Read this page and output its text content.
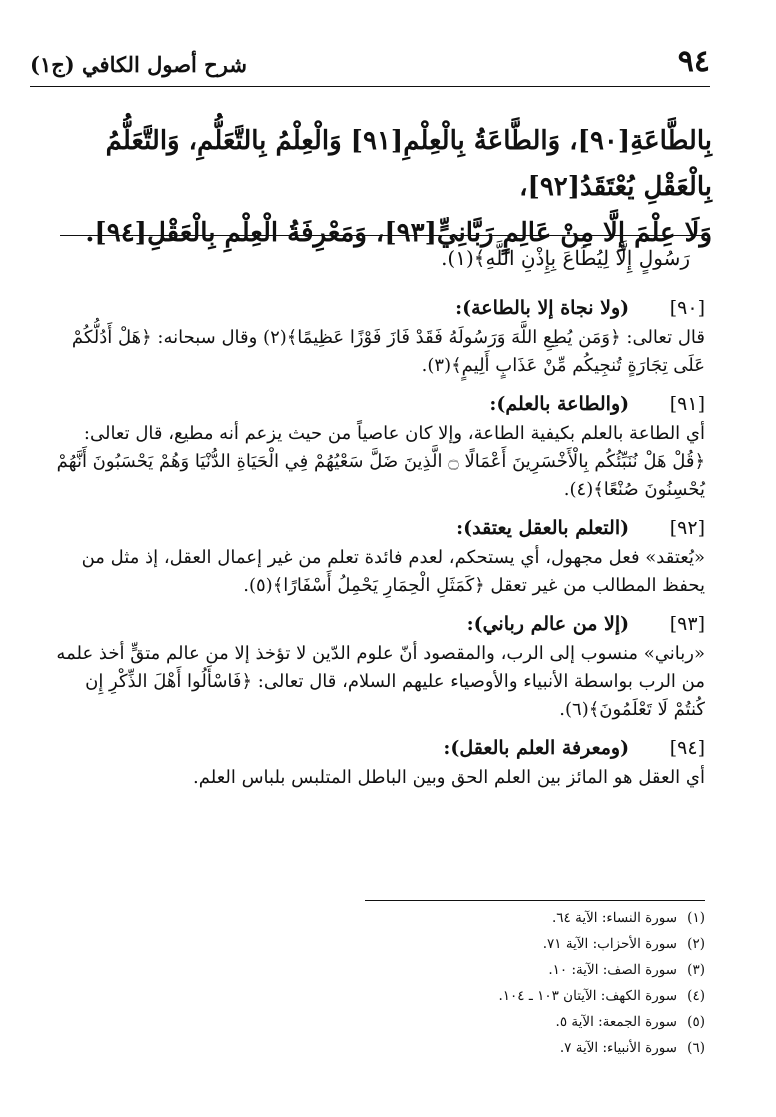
٩٤
شرح أصول الكافي (ج١)
بِالطَّاعَةِ[٩٠]، وَالطَّاعَةُ بِالْعِلْمِ[٩١] وَالْعِلْمُ بِالتَّعَلُّمِ، وَالتَّعَلُّمُ بِالْعَقْلِ يُعْتَقَدُ[٩٢]،
وَلَا عِلْمَ إِلَّا مِنْ عَالِمٍ رَبَّانِيٍّ[٩٣]، وَمَعْرِفَةُ الْعِلْمِ بِالْعَقْلِ[٩٤].
رَسُولٍ إِلَّا لِيُطَاعَ بِإِذْنِ اللَّهِ﴾(١).
[٩٠] (ولا نجاة إلا بالطاعة):
قال تعالى: ﴿وَمَن يُطِعِ اللَّهَ وَرَسُولَهُ فَقَدْ فَازَ فَوْزًا عَظِيمًا﴾(٢) وقال سبحانه: ﴿هَلْ أَدُلُّكُمْ عَلَى تِجَارَةٍ تُنجِيكُم مِّنْ عَذَابٍ أَلِيمٍ﴾(٣).
[٩١] (والطاعة بالعلم):
أي الطاعة بالعلم بكيفية الطاعة، وإلا كان عاصياً من حيث يزعم أنه مطيع، قال تعالى: ﴿قُلْ هَلْ نُنَبِّئُكُم بِالْأَخْسَرِينَ أَعْمَالًا ۝ الَّذِينَ ضَلَّ سَعْيُهُمْ فِي الْحَيَاةِ الدُّنْيَا وَهُمْ يَحْسَبُونَ أَنَّهُمْ يُحْسِنُونَ صُنْعًا﴾(٤).
[٩٢] (التعلم بالعقل يعتقد):
«يُعتقد» فعل مجهول، أي يستحكم، لعدم فائدة تعلم من غير إعمال العقل، إذ مثل من يحفظ المطالب من غير تعقل ﴿كَمَثَلِ الْحِمَارِ يَحْمِلُ أَسْفَارًا﴾(٥).
[٩٣] (إلا من عالم رباني):
«رباني» منسوب إلى الرب، والمقصود أنّ علوم الدّين لا تؤخذ إلا من عالم متقٍّ أخذ علمه من الرب بواسطة الأنبياء والأوصياء عليهم السلام، قال تعالى: ﴿فَاسْأَلُوا أَهْلَ الذِّكْرِ إِن كُنتُمْ لَا تَعْلَمُونَ﴾(٦).
[٩٤] (ومعرفة العلم بالعقل):
أي العقل هو المائز بين العلم الحق وبين الباطل المتلبس بلباس العلم.
(١)سورة النساء: الآية ٦٤.
(٢)سورة الأحزاب: الآية ٧١.
(٣)سورة الصف: الآية: ١٠.
(٤)سورة الكهف: الآيتان ١٠٣ ـ ١٠٤.
(٥)سورة الجمعة: الآية ٥.
(٦)سورة الأنبياء: الآية ٧.
